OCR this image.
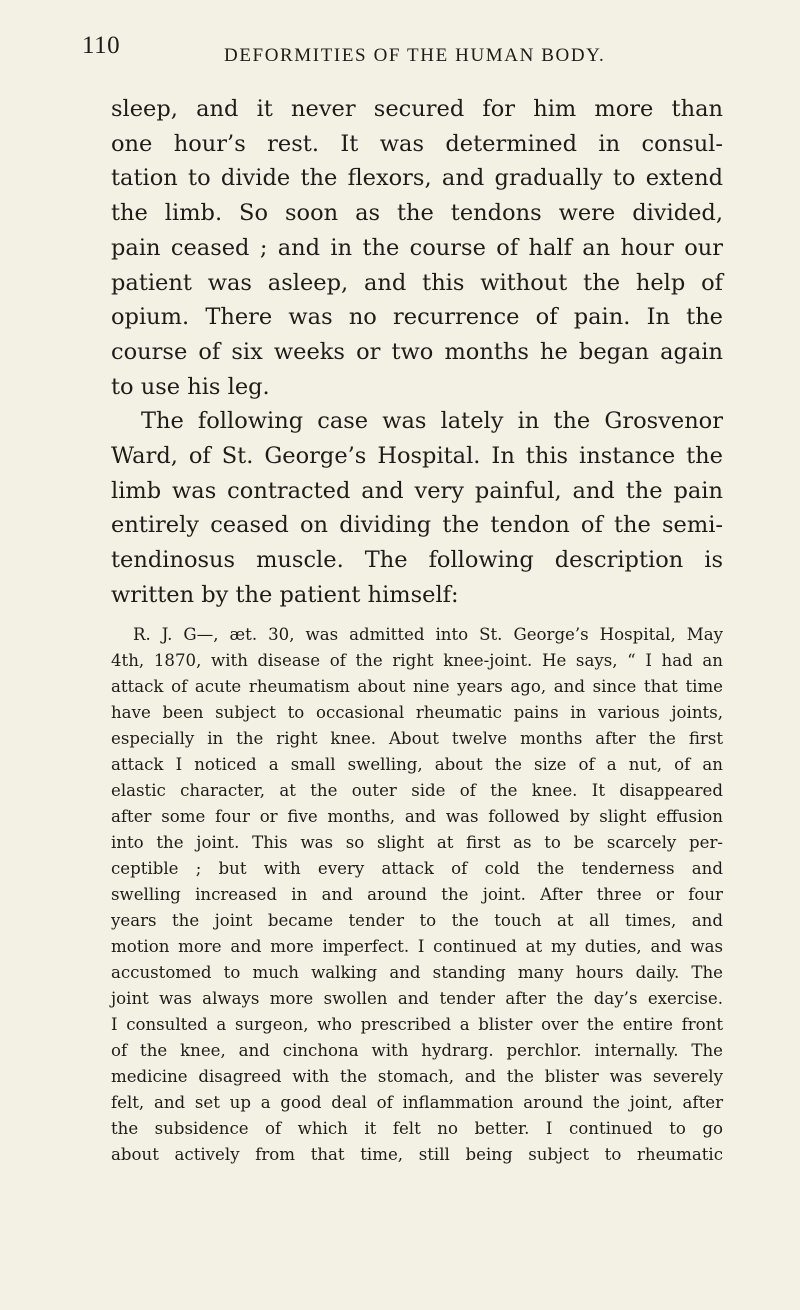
110	DEFORMITIES OF THE HUMAN BODY.
sleep, and it never secured for him more than
one hour’s rest. It was determined in consul-
tation to divide the flexors, and gradually to extend
the limb. So soon as the tendons were divided,
pain ceased ; and in the course of half an hour our
patient was asleep, and this without the help of
opium. There was no recurrence of pain. In the
course of six weeks or two months he began again
to use his leg.
The following case was lately in the Grosvenor
Ward, of St. George’s Hospital. In this instance the
limb was contracted and very painful, and the pain
entirely ceased on dividing the tendon of the semi-
tendinosus muscle. The following description is
written by the patient himself:
R. J. G—, æt. 30, was admitted into St. George’s Hospital, May
4th, 1870, with disease of the right knee-joint. He says, “ I had an
attack of acute rheumatism about nine years ago, and since that time
have been subject to occasional rheumatic pains in various joints,
especially in the right knee. About twelve months after the first
attack I noticed a small swelling, about the size of a nut, of an
elastic character, at the outer side of the knee. It disappeared
after some four or five months, and was followed by slight effusion
into the joint. This was so slight at first as to be scarcely per-
ceptible ; but with every attack of cold the tenderness and
swelling increased in and around the joint. After three or four
years the joint became tender to the touch at all times, and
motion more and more imperfect. I continued at my duties, and was
accustomed to much walking and standing many hours daily. The
joint was always more swollen and tender after the day’s exercise.
I consulted a surgeon, who prescribed a blister over the entire front
of the knee, and cinchona with hydrarg. perchlor. internally. The
medicine disagreed with the stomach, and the blister was severely
felt, and set up a good deal of inflammation around the joint, after
the subsidence of which it felt no better. I continued to go
about actively from that time, still being subject to rheumatic
